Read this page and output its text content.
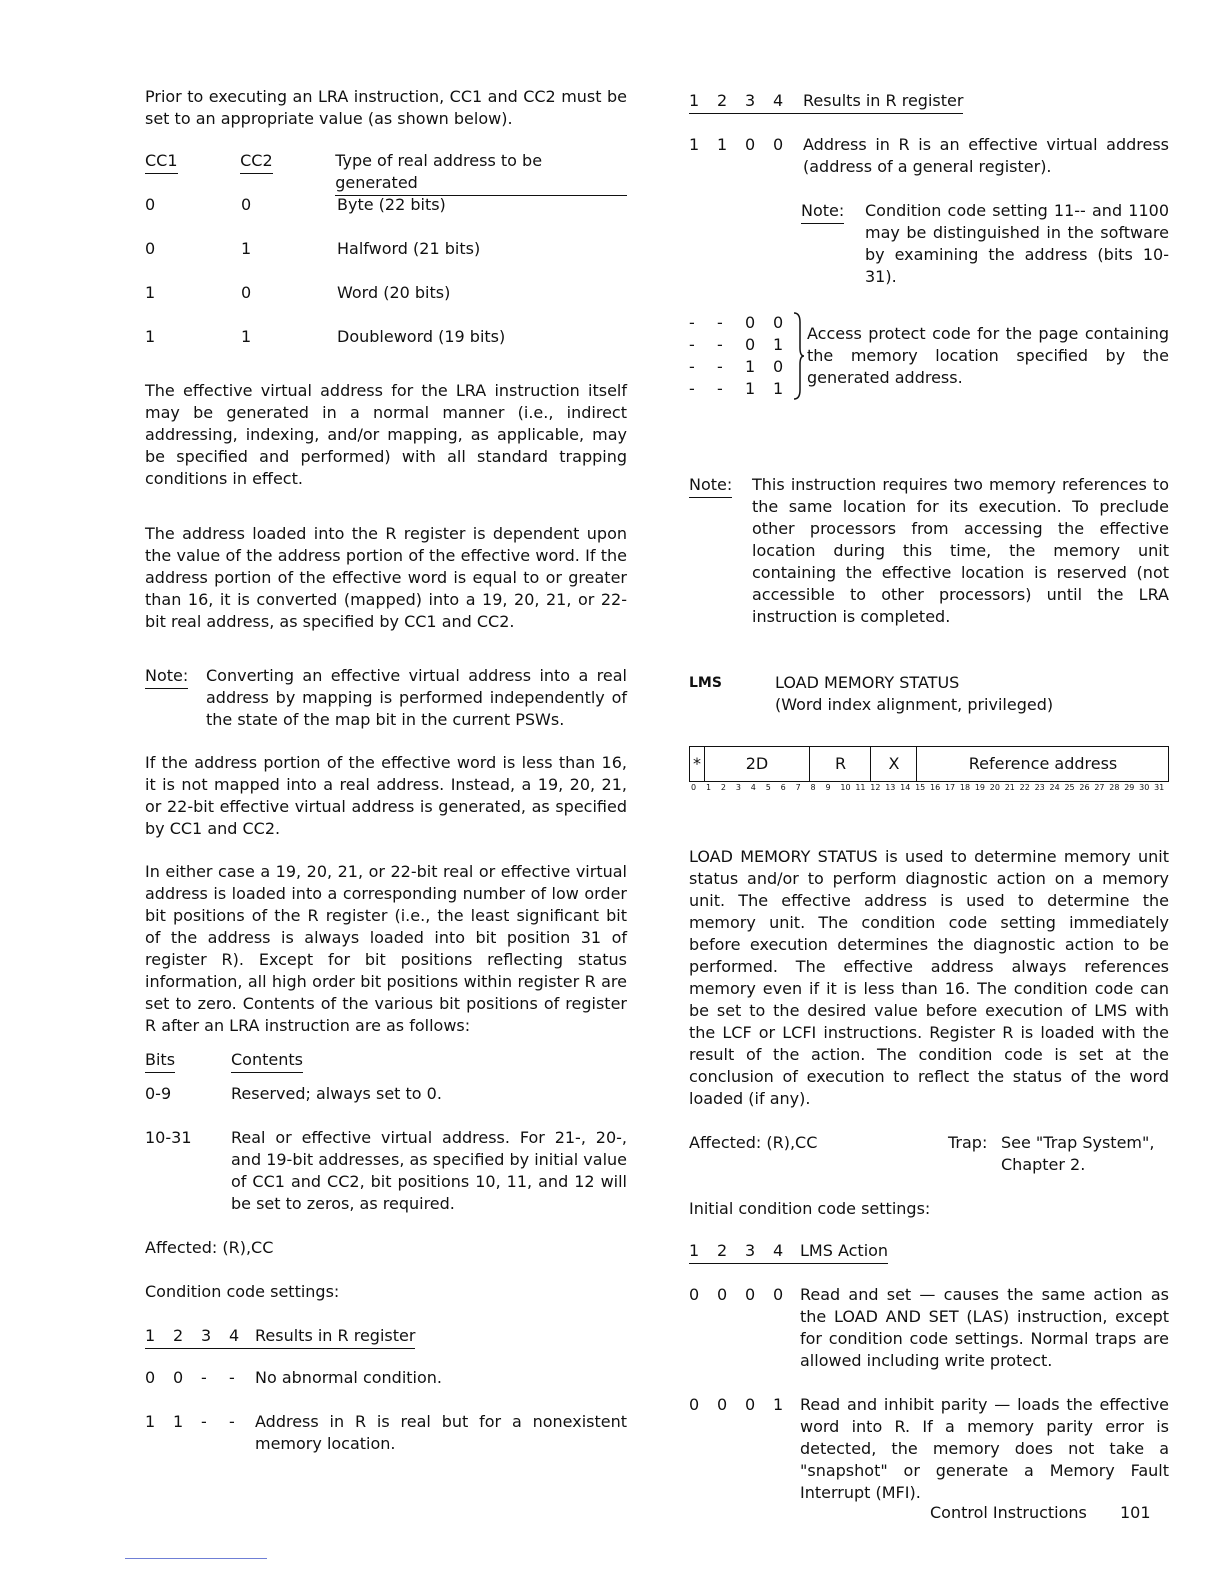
Prior to executing an LRA instruction, CC1 and CC2 must be set to an appropriate value (as shown below).

CC1	CC2	Type of real address to be generated
0	0	Byte (22 bits)
0	1	Halfword (21 bits)
1	0	Word (20 bits)
1	1	Doubleword (19 bits)

The effective virtual address for the LRA instruction itself may be generated in a normal manner (i.e., indirect addressing, indexing, and/or mapping, as applicable, may be specified and performed) with all standard trapping conditions in effect.

The address loaded into the R register is dependent upon the value of the address portion of the effective word. If the address portion of the effective word is equal to or greater than 16, it is converted (mapped) into a 19, 20, 21, or 22-bit real address, as specified by CC1 and CC2.

Note:	Converting an effective virtual address into a real address by mapping is performed independently of the state of the map bit in the current PSWs.

If the address portion of the effective word is less than 16, it is not mapped into a real address. Instead, a 19, 20, 21, or 22-bit effective virtual address is generated, as specified by CC1 and CC2.

In either case a 19, 20, 21, or 22-bit real or effective virtual address is loaded into a corresponding number of low order bit positions of the R register (i.e., the least significant bit of the address is always loaded into bit position 31 of register R). Except for bit positions reflecting status information, all high order bit positions within register R are set to zero. Contents of the various bit positions of register R after an LRA instruction are as follows:

Bits	Contents
0-9	Reserved; always set to 0.
10-31	Real or effective virtual address. For 21-, 20-, and 19-bit addresses, as specified by initial value of CC1 and CC2, bit positions 10, 11, and 12 will be set to zeros, as required.

Affected: (R),CC

Condition code settings:

1	2	3	4 Results in R register
0	0	-	-	No abnormal condition.
1	1	-	-	Address in R is real but for a nonexistent memory location.
1	2	3	4	Results in R register
1	1	0	0	Address in R is an effective virtual address (address of a general register).
Note:	Condition code setting 11-- and 1100 may be distinguished in the software by examining the address (bits 10-31).
-	-	0	0
-	-	0	1
-	-	1	0
-	-	1	1

Access protect code for the page containing the memory location specified by the generated address.

Note:	This instruction requires two memory references to the same location for its execution. To preclude other processors from accessing the effective location during this time, the memory unit containing the effective location is reserved (not accessible to other processors) until the LRA instruction is completed.
LMS	LOAD MEMORY STATUS

(Word index alignment, privileged)

*	2D	R	X	Reference address
0 1 2 3 4 5 6 7 8 9 10 11 12 13 14 15 16 17 18 19 20 21 22 23 24 25 26 27 28 29 30 31

LOAD MEMORY STATUS is used to determine memory unit status and/or to perform diagnostic action on a memory unit. The effective address is used to determine the memory unit. The condition code setting immediately before execution determines the diagnostic action to be performed. The effective address always references memory even if it is less than 16. The condition code can be set to the desired value before execution of LMS with the LCF or LCFI instructions. Register R is loaded with the result of the action. The condition code is set at the conclusion of execution to reflect the status of the word loaded (if any).

Affected: (R),CC	Trap: See "Trap System", Chapter 2.

Initial condition code settings:

1	2	3	4	LMS Action
0	0	0	0	Read and set — causes the same action as the LOAD AND SET (LAS) instruction, except for condition code settings. Normal traps are allowed including write protect.
0	0	0	1	Read and inhibit parity — loads the effective word into R. If a memory parity error is detected, the memory does not take a "snapshot" or generate a Memory Fault Interrupt (MFI).
Control Instructions	101
